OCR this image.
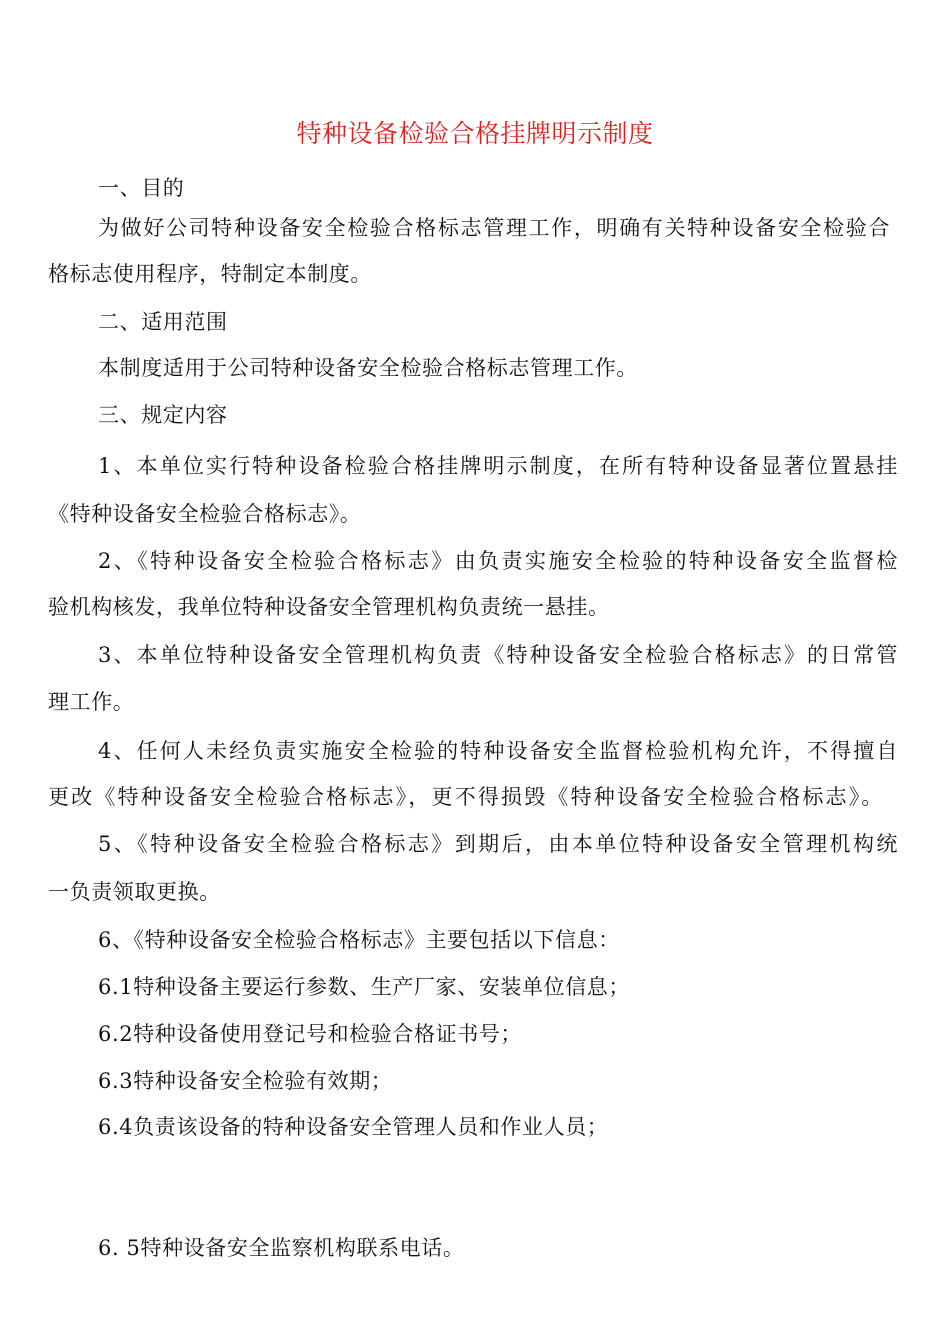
特种设备检验合格挂牌明示制度
一、目的
为做好公司特种设备安全检验合格标志管理工作，明确有关特种设备安全检验合
格标志使用程序，特制定本制度。
二、适用范围
本制度适用于公司特种设备安全检验合格标志管理工作。
三、规定内容
1、本单位实行特种设备检验合格挂牌明示制度，在所有特种设备显著位置悬挂
《特种设备安全检验合格标志》。
2、《特种设备安全检验合格标志》由负责实施安全检验的特种设备安全监督检
验机构核发，我单位特种设备安全管理机构负责统一悬挂。
3、本单位特种设备安全管理机构负责《特种设备安全检验合格标志》的日常管
理工作。
4、任何人未经负责实施安全检验的特种设备安全监督检验机构允许，不得擅自
更改《特种设备安全检验合格标志》，更不得损毁《特种设备安全检验合格标志》。
5、《特种设备安全检验合格标志》到期后，由本单位特种设备安全管理机构统
一负责领取更换。
6、《特种设备安全检验合格标志》主要包括以下信息：
6.1特种设备主要运行参数、生产厂家、安装单位信息；
6.2特种设备使用登记号和检验合格证书号；
6.3特种设备安全检验有效期；
6.4负责该设备的特种设备安全管理人员和作业人员；
6. 5特种设备安全监察机构联系电话。
